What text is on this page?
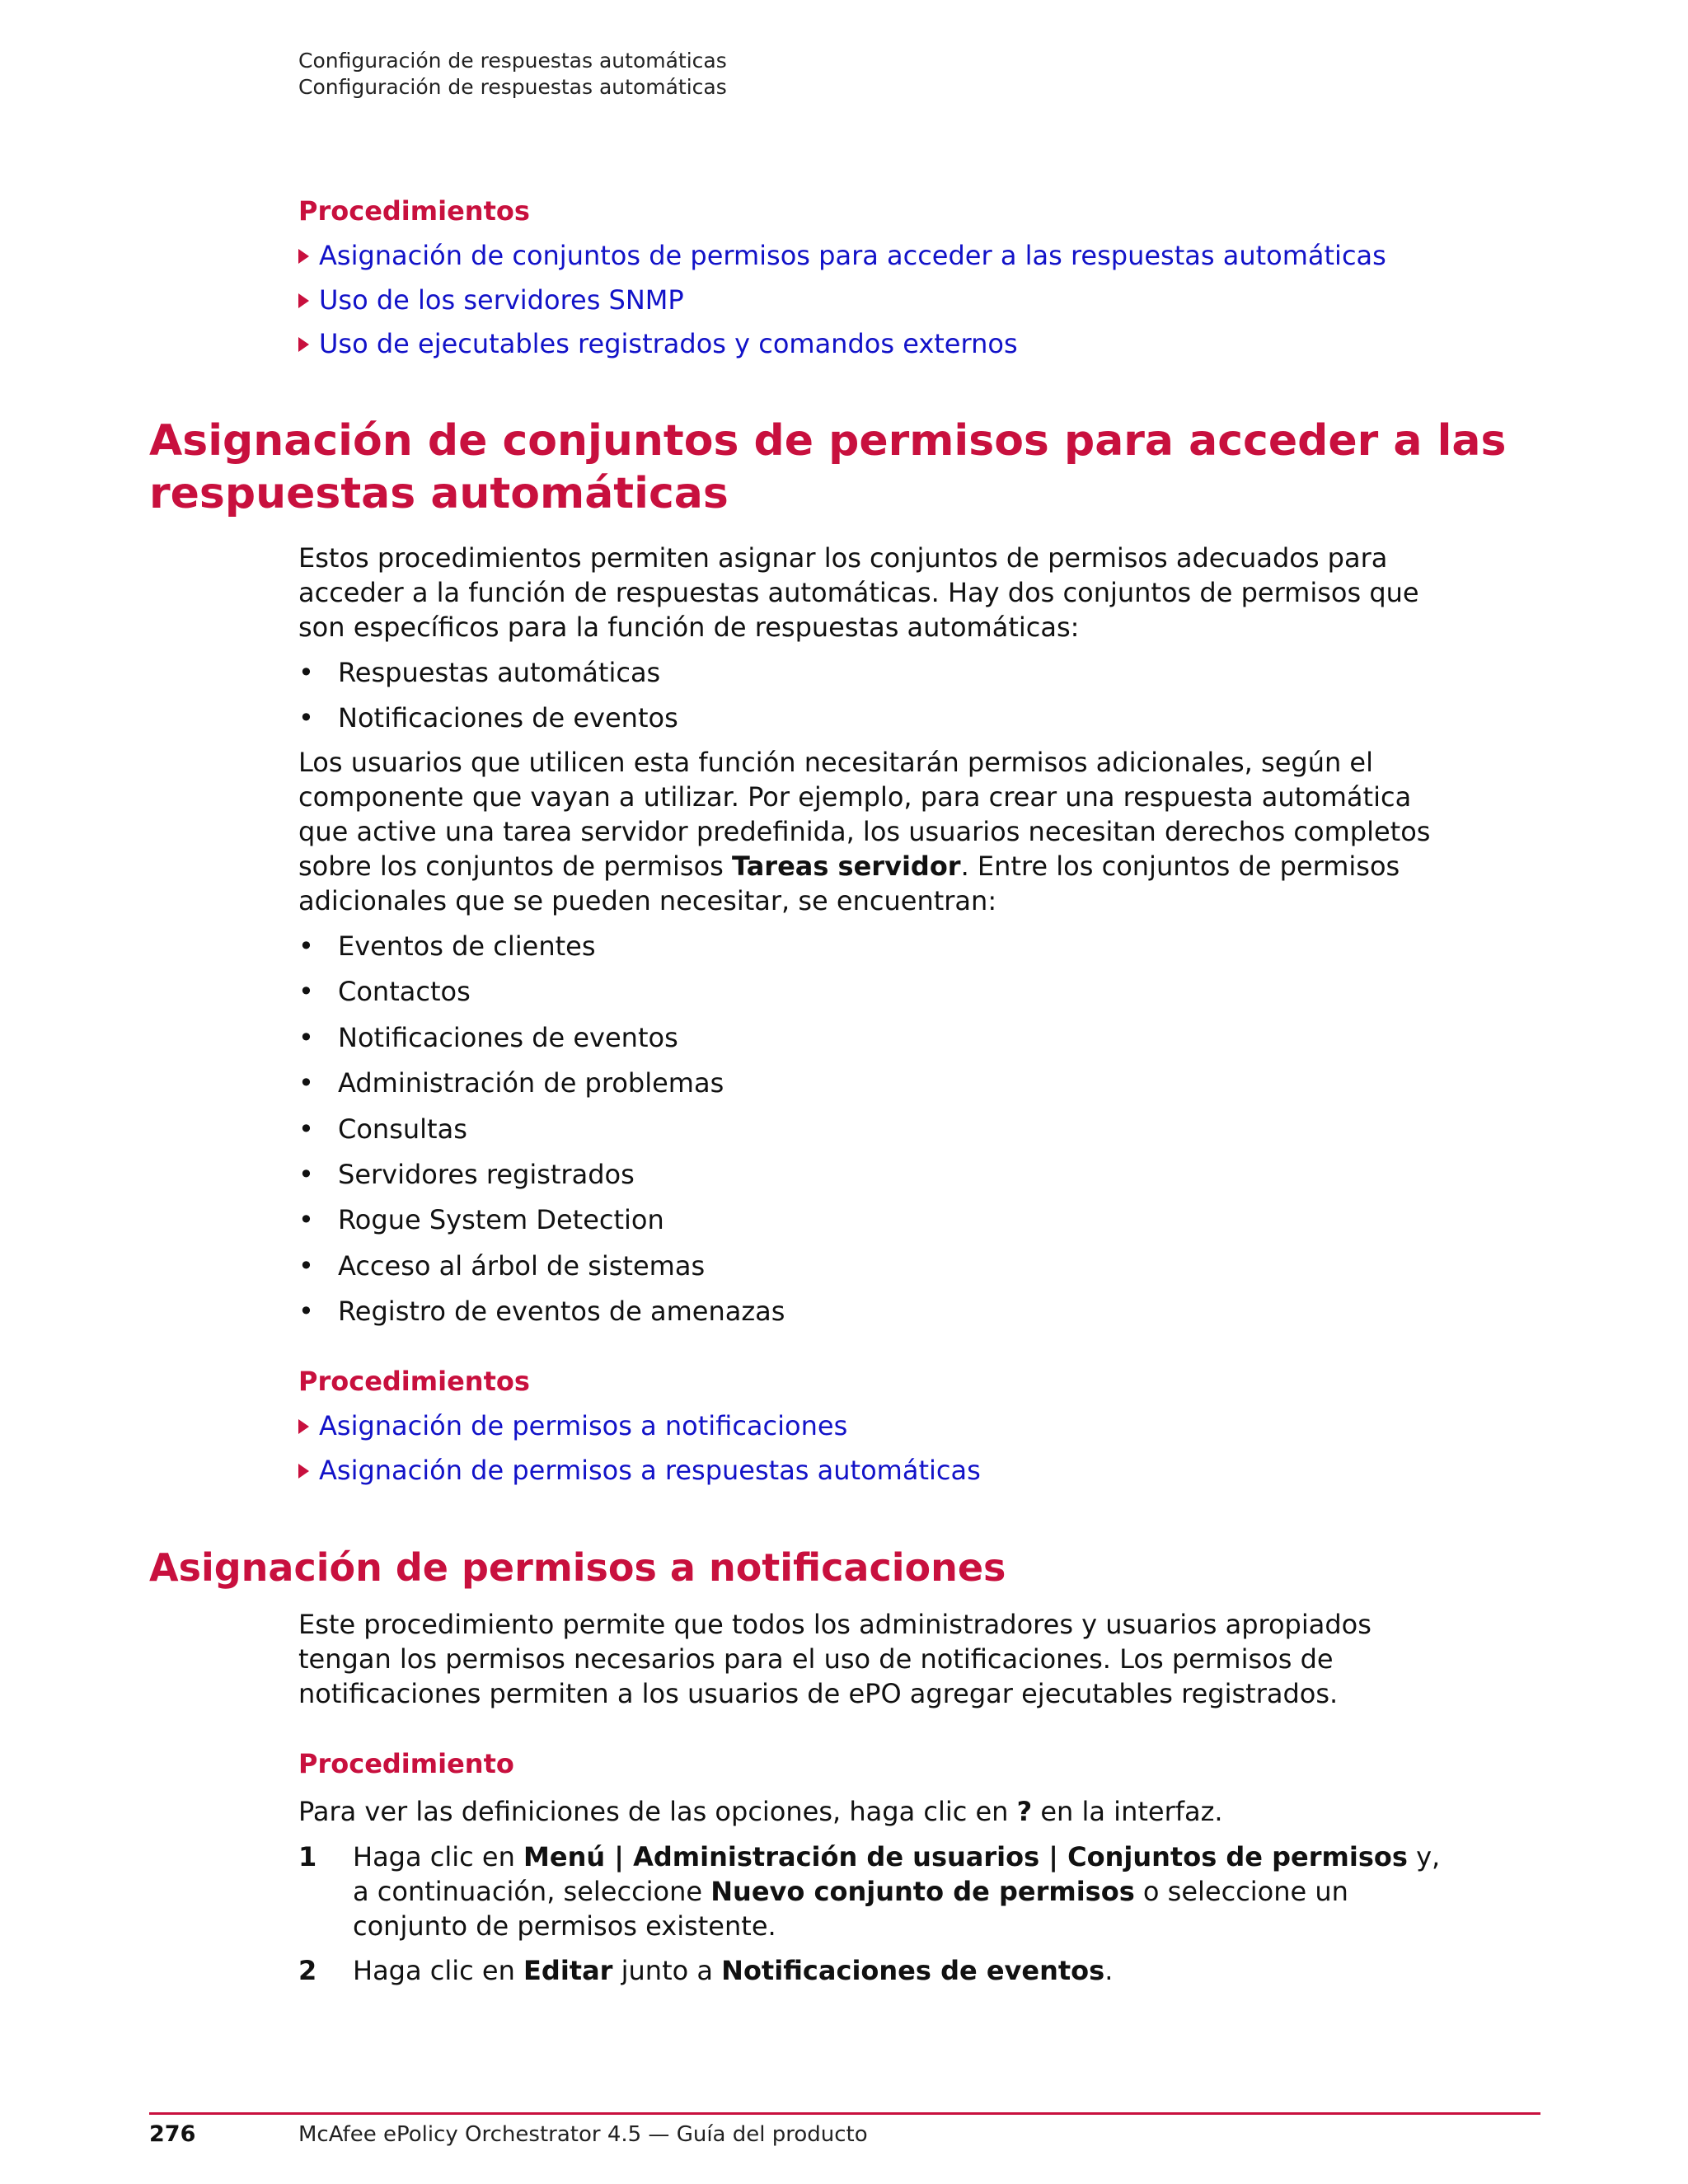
Configuración de respuestas automáticas
Configuración de respuestas automáticas
Procedimientos
Asignación de conjuntos de permisos para acceder a las respuestas automáticas
Uso de los servidores SNMP
Uso de ejecutables registrados y comandos externos
Asignación de conjuntos de permisos para acceder a las respuestas automáticas

Estos procedimientos permiten asignar los conjuntos de permisos adecuados para acceder a la función de respuestas automáticas. Hay dos conjuntos de permisos que son específicos para la función de respuestas automáticas:

• Respuestas automáticas
• Notificaciones de eventos

Los usuarios que utilicen esta función necesitarán permisos adicionales, según el componente que vayan a utilizar. Por ejemplo, para crear una respuesta automática que active una tarea servidor predefinida, los usuarios necesitan derechos completos sobre los conjuntos de permisos Tareas servidor. Entre los conjuntos de permisos adicionales que se pueden necesitar, se encuentran:

• Eventos de clientes
• Contactos
• Notificaciones de eventos
• Administración de problemas
• Consultas
• Servidores registrados
• Rogue System Detection
• Acceso al árbol de sistemas
• Registro de eventos de amenazas
Procedimientos
Asignación de permisos a notificaciones
Asignación de permisos a respuestas automáticas
Asignación de permisos a notificaciones

Este procedimiento permite que todos los administradores y usuarios apropiados tengan los permisos necesarios para el uso de notificaciones. Los permisos de notificaciones permiten a los usuarios de ePO agregar ejecutables registrados.

Procedimiento

Para ver las definiciones de las opciones, haga clic en ? en la interfaz.

1	Haga clic en Menú | Administración de usuarios | Conjuntos de permisos y, a continuación, seleccione Nuevo conjunto de permisos o seleccione un conjunto de permisos existente.
2	Haga clic en Editar junto a Notificaciones de eventos.
276	McAfee ePolicy Orchestrator 4.5 — Guía del producto
